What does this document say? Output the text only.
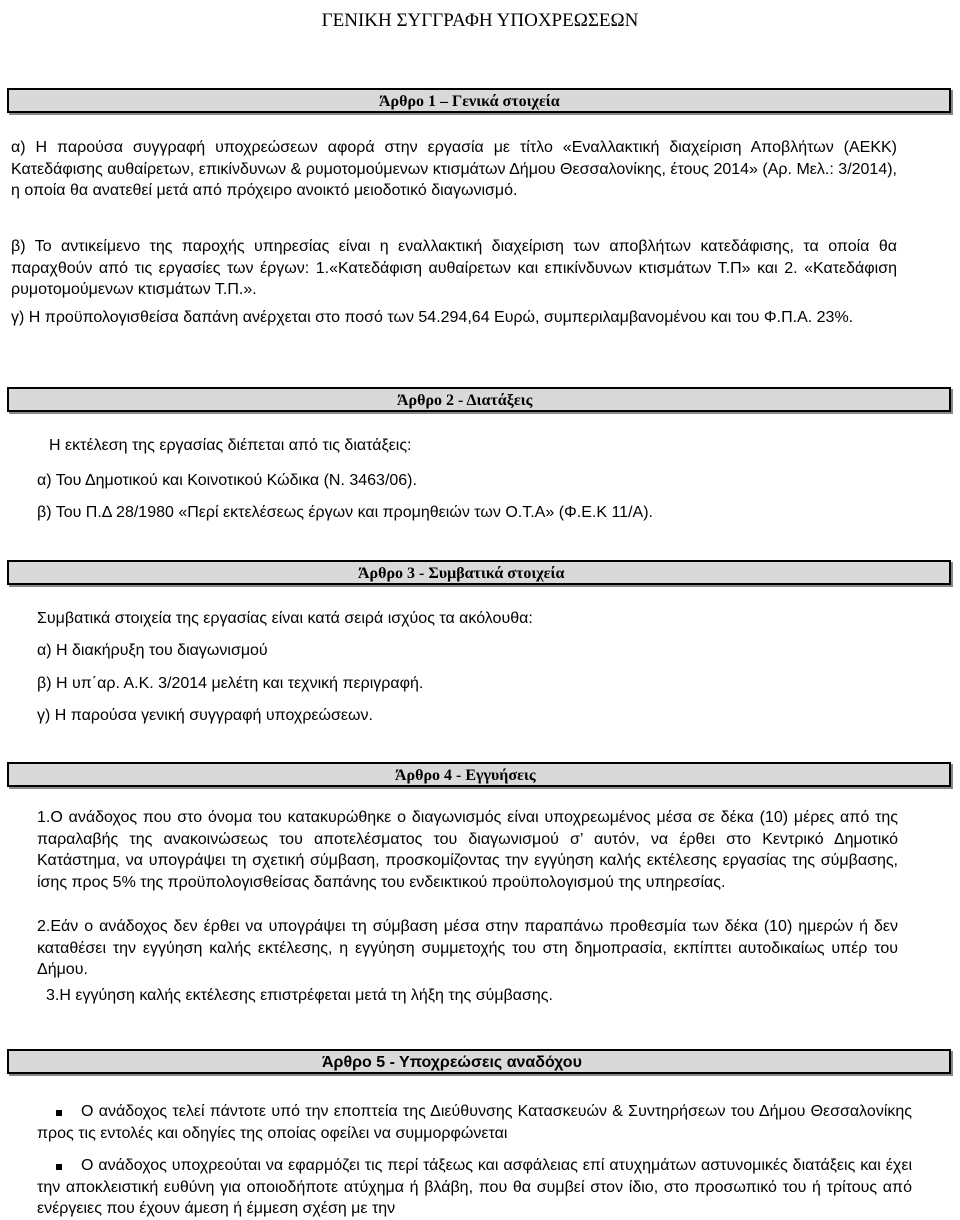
ΓΕΝΙΚΗ ΣΥΓΓΡΑΦΗ ΥΠΟΧΡΕΩΣΕΩΝ
Άρθρο 1 – Γενικά στοιχεία
α) Η παρούσα συγγραφή υποχρεώσεων αφορά στην εργασία με τίτλο «Εναλλακτική διαχείριση Αποβλήτων (ΑΕΚΚ) Κατεδάφισης αυθαίρετων, επικίνδυνων & ρυμοτομούμενων κτισμάτων Δήμου Θεσσαλονίκης, έτους 2014» (Αρ. Μελ.: 3/2014), η οποία θα ανατεθεί μετά από πρόχειρο ανοικτό μειοδοτικό διαγωνισμό.
β) Το αντικείμενο της παροχής υπηρεσίας είναι η εναλλακτική διαχείριση των αποβλήτων κατεδάφισης, τα οποία θα παραχθούν από τις εργασίες των έργων: 1.«Κατεδάφιση αυθαίρετων και επικίνδυνων κτισμάτων Τ.Π» και 2. «Κατεδάφιση ρυμοτομούμενων κτισμάτων Τ.Π.».
γ) Η προϋπολογισθείσα δαπάνη ανέρχεται στο ποσό των 54.294,64 Ευρώ, συμπεριλαμβανομένου και του Φ.Π.Α. 23%.
Άρθρο 2 - Διατάξεις
Η εκτέλεση της εργασίας διέπεται από τις διατάξεις:
α) Του Δημοτικού και Κοινοτικού Κώδικα (Ν. 3463/06).
β) Του Π.Δ 28/1980 «Περί εκτελέσεως έργων και προμηθειών των Ο.Τ.Α» (Φ.Ε.Κ 11/Α).
Άρθρο 3 - Συμβατικά στοιχεία
Συμβατικά στοιχεία της εργασίας είναι κατά σειρά ισχύος τα ακόλουθα:
α) Η διακήρυξη του διαγωνισμού
β) Η υπ΄αρ. Α.Κ. 3/2014 μελέτη και τεχνική περιγραφή.
γ) Η παρούσα γενική συγγραφή υποχρεώσεων.
Άρθρο 4 - Εγγυήσεις
1.Ο ανάδοχος που στο όνομα του κατακυρώθηκε ο διαγωνισμός είναι υποχρεωμένος μέσα σε δέκα (10) μέρες από της παραλαβής της ανακοινώσεως του αποτελέσματος του διαγωνισμού σ’ αυτόν, να έρθει στο Κεντρικό Δημοτικό Κατάστημα, να υπογράψει τη σχετική σύμβαση, προσκομίζοντας την εγγύηση καλής εκτέλεσης εργασίας της σύμβασης, ίσης προς 5% της προϋπολογισθείσας δαπάνης του ενδεικτικού προϋπολογισμού της υπηρεσίας.
2.Εάν ο ανάδοχος δεν έρθει να υπογράψει τη σύμβαση μέσα στην παραπάνω προθεσμία των δέκα (10) ημερών ή δεν καταθέσει την εγγύηση καλής εκτέλεσης, η εγγύηση συμμετοχής του στη δημοπρασία, εκπίπτει αυτοδικαίως υπέρ του Δήμου.
3.Η εγγύηση καλής εκτέλεσης επιστρέφεται μετά τη λήξη της σύμβασης.
Άρθρο 5 - Υποχρεώσεις αναδόχου
Ο ανάδοχος τελεί πάντοτε υπό την εποπτεία της Διεύθυνσης Κατασκευών & Συντηρήσεων του Δήμου Θεσσαλονίκης προς τις εντολές και οδηγίες της οποίας οφείλει να συμμορφώνεται
Ο ανάδοχος υποχρεούται να εφαρμόζει τις περί τάξεως και ασφάλειας επί ατυχημάτων αστυνομικές διατάξεις και έχει την αποκλειστική ευθύνη για οποιοδήποτε ατύχημα ή βλάβη, που θα συμβεί στον ίδιο, στο προσωπικό του ή τρίτους από ενέργειες που έχουν άμεση ή έμμεση σχέση με την
